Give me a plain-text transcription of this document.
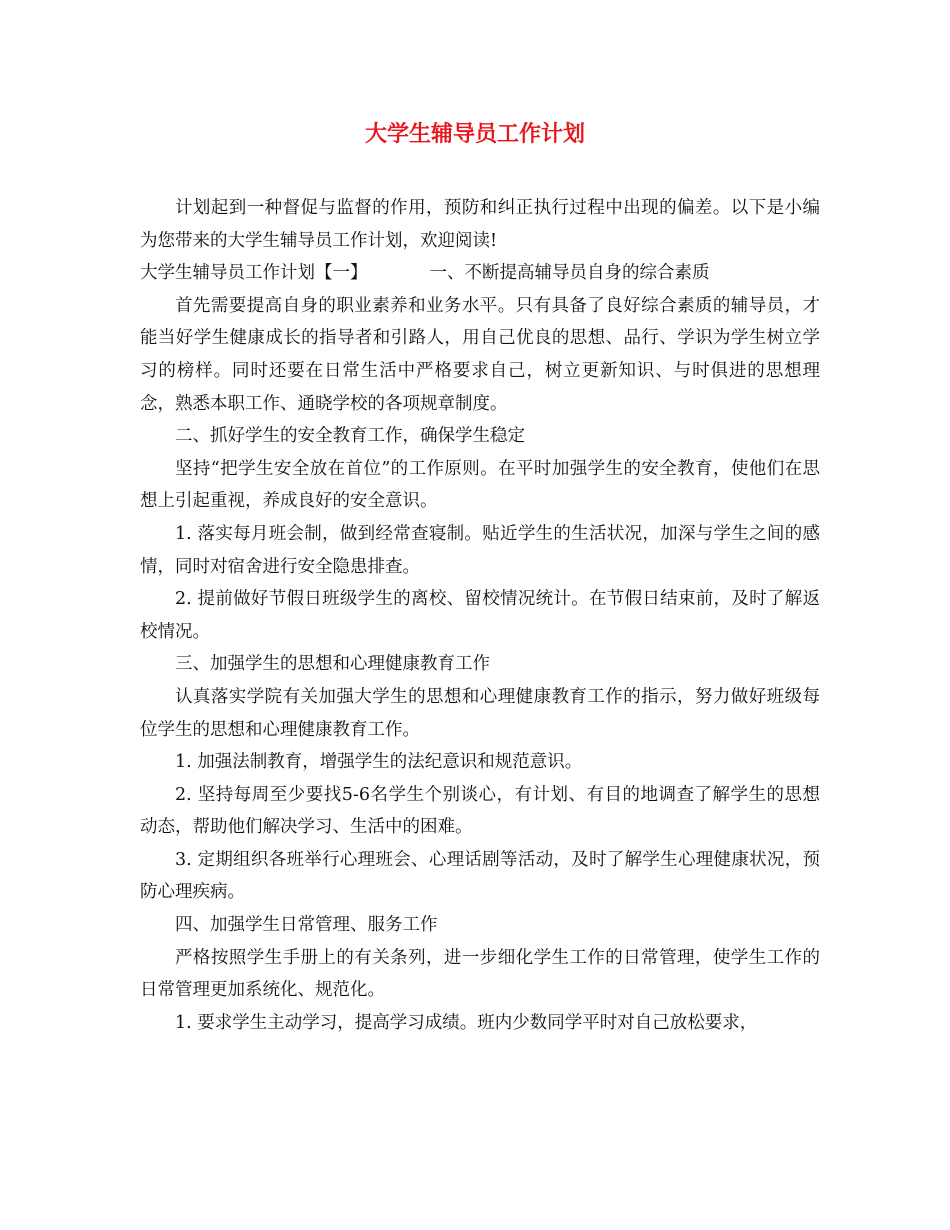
大学生辅导员工作计划

计划起到一种督促与监督的作用，预防和纠正执行过程中出现的偏差。以下是小编为您带来的大学生辅导员工作计划，欢迎阅读!

大学生辅导员工作计划【一】	一、不断提高辅导员自身的综合素质

首先需要提高自身的职业素养和业务水平。只有具备了良好综合素质的辅导员，才能当好学生健康成长的指导者和引路人，用自己优良的思想、品行、学识为学生树立学习的榜样。同时还要在日常生活中严格要求自己，树立更新知识、与时俱进的思想理念，熟悉本职工作、通晓学校的各项规章制度。

二、抓好学生的安全教育工作，确保学生稳定

坚持“把学生安全放在首位”的工作原则。在平时加强学生的安全教育，使他们在思想上引起重视，养成良好的安全意识。

1. 落实每月班会制，做到经常查寝制。贴近学生的生活状况，加深与学生之间的感情，同时对宿舍进行安全隐患排查。

2. 提前做好节假日班级学生的离校、留校情况统计。在节假日结束前，及时了解返校情况。

三、加强学生的思想和心理健康教育工作

认真落实学院有关加强大学生的思想和心理健康教育工作的指示，努力做好班级每位学生的思想和心理健康教育工作。

1. 加强法制教育，增强学生的法纪意识和规范意识。

2. 坚持每周至少要找5-6名学生个别谈心，有计划、有目的地调查了解学生的思想动态，帮助他们解决学习、生活中的困难。

3. 定期组织各班举行心理班会、心理话剧等活动，及时了解学生心理健康状况，预防心理疾病。

四、加强学生日常管理、服务工作

严格按照学生手册上的有关条列，进一步细化学生工作的日常管理，使学生工作的日常管理更加系统化、规范化。

1. 要求学生主动学习，提高学习成绩。班内少数同学平时对自己放松要求，
